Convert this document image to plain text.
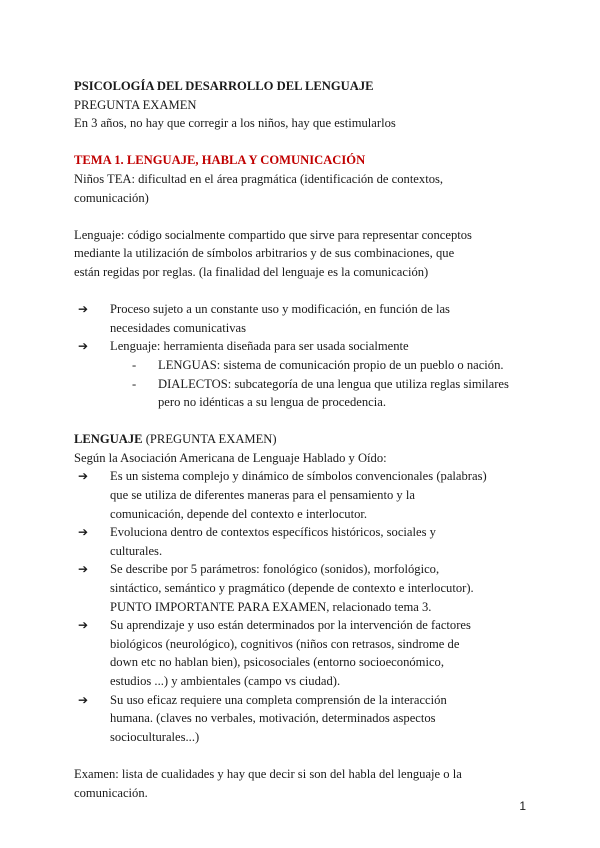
PSICOLOGÍA DEL DESARROLLO DEL LENGUAJE
PREGUNTA EXAMEN
En 3 años, no hay que corregir a los niños, hay que estimularlos
TEMA 1. LENGUAJE, HABLA Y COMUNICACIÓN
Niños TEA: dificultad en el área pragmática (identificación de contextos,
comunicación)
Lenguaje: código socialmente compartido que sirve para representar conceptos
mediante la utilización de símbolos arbitrarios y de sus combinaciones, que
están regidas por reglas. (la finalidad del lenguaje es la comunicación)
➔ Proceso sujeto a un constante uso y modificación, en función de las
necesidades comunicativas
➔ Lenguaje: herramienta diseñada para ser usada socialmente
- LENGUAS: sistema de comunicación propio de un pueblo o nación.
- DIALECTOS: subcategoría de una lengua que utiliza reglas similares
pero no idénticas a su lengua de procedencia.
LENGUAJE (PREGUNTA EXAMEN)
Según la Asociación Americana de Lenguaje Hablado y Oído:
➔ Es un sistema complejo y dinámico de símbolos convencionales (palabras)
que se utiliza de diferentes maneras para el pensamiento y la
comunicación, depende del contexto e interlocutor.
➔ Evoluciona dentro de contextos específicos históricos, sociales y
culturales.
➔ Se describe por 5 parámetros: fonológico (sonidos), morfológico,
sintáctico, semántico y pragmático (depende de contexto e interlocutor).
PUNTO IMPORTANTE PARA EXAMEN, relacionado tema 3.
➔ Su aprendizaje y uso están determinados por la intervención de factores
biológicos (neurológico), cognitivos (niños con retrasos, sindrome de
down etc no hablan bien), psicosociales (entorno socioeconómico,
estudios ...) y ambientales (campo vs ciudad).
➔ Su uso eficaz requiere una completa comprensión de la interacción
humana. (claves no verbales, motivación, determinados aspectos
socioculturales...)
Examen: lista de cualidades y hay que decir si son del habla del lenguaje o la
comunicación.
1
